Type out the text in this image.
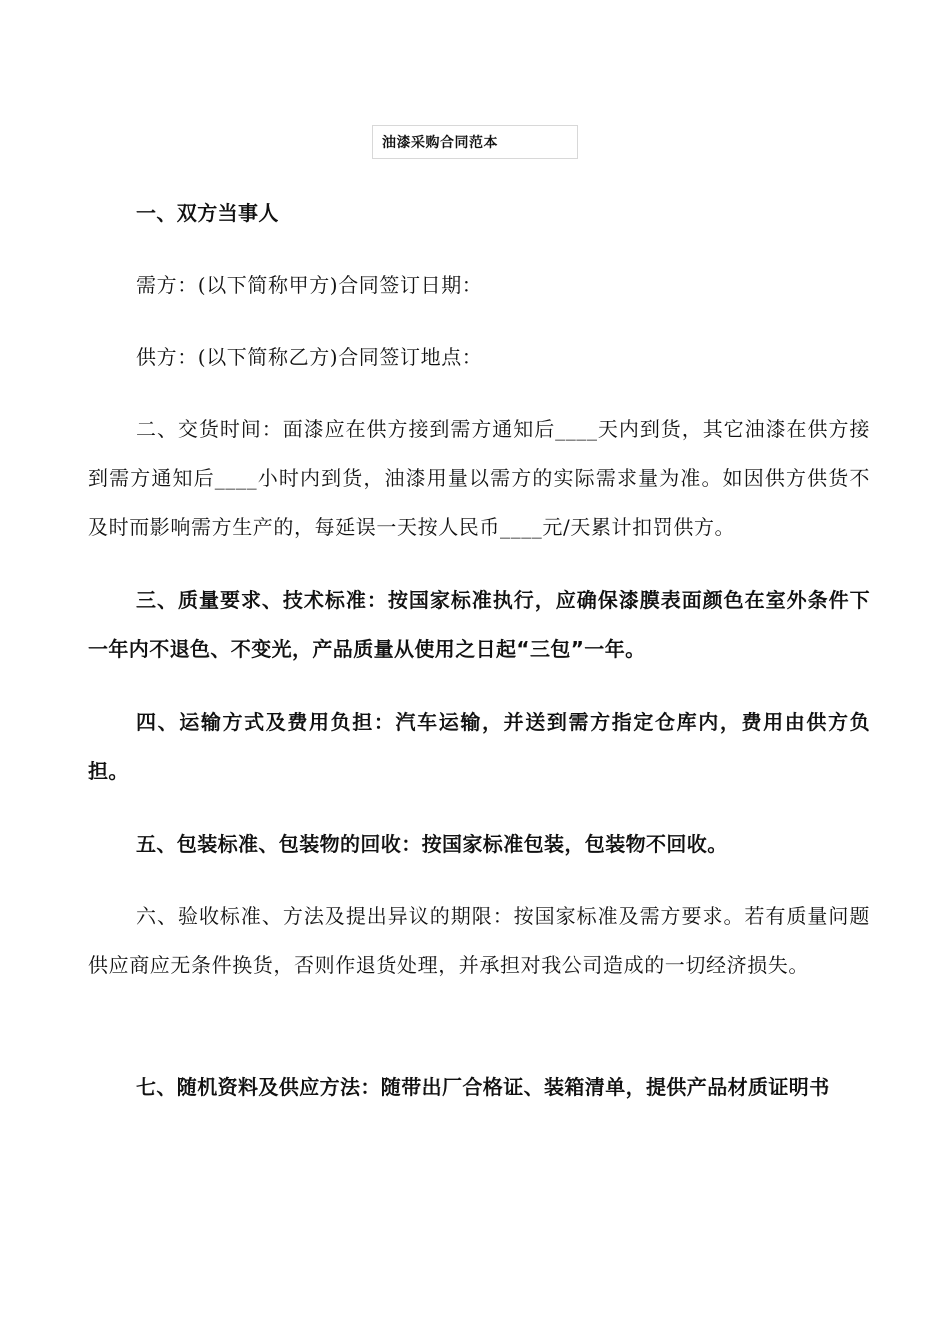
油漆采购合同范本

一、双方当事人

需方：(以下简称甲方)合同签订日期：

供方：(以下简称乙方)合同签订地点：

二、交货时间：面漆应在供方接到需方通知后____天内到货，其它油漆在供方接到需方通知后____小时内到货，油漆用量以需方的实际需求量为准。如因供方供货不及时而影响需方生产的，每延误一天按人民币____元/天累计扣罚供方。

三、质量要求、技术标准：按国家标准执行，应确保漆膜表面颜色在室外条件下一年内不退色、不变光，产品质量从使用之日起“三包”一年。

四、运输方式及费用负担：汽车运输，并送到需方指定仓库内，费用由供方负担。

五、包装标准、包装物的回收：按国家标准包装，包装物不回收。

六、验收标准、方法及提出异议的期限：按国家标准及需方要求。若有质量问题供应商应无条件换货，否则作退货处理，并承担对我公司造成的一切经济损失。

七、随机资料及供应方法：随带出厂合格证、装箱清单，提供产品材质证明书
